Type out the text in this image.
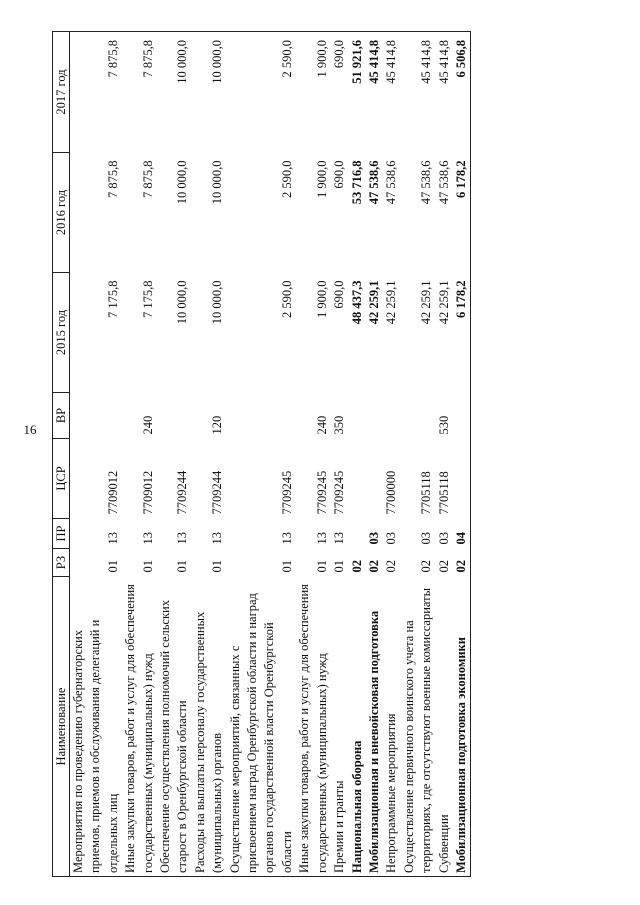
16
Наименование	РЗ	ПР	ЦСР	ВР	2015 год	2016 год	2017 год
Мероприятия по проведению губернаторских приемов, приемов и обслуживания делегаций и отдельных лиц	01	13	7709012		7 175,8	7 875,8	7 875,8
Иные закупки товаров, работ и услуг для обеспечения государственных (муниципальных) нужд	01	13	7709012	240	7 175,8	7 875,8	7 875,8
Обеспечение осуществления полномочий сельских старост в Оренбургской области	01	13	7709244		10 000,0	10 000,0	10 000,0
Расходы на выплаты персоналу государственных (муниципальных) органов	01	13	7709244	120	10 000,0	10 000,0	10 000,0
Осуществление мероприятий, связанных с присвоением наград Оренбургской области и наград органов государственной власти Оренбургской области	01	13	7709245		2 590,0	2 590,0	2 590,0
Иные закупки товаров, работ и услуг для обеспечения государственных (муниципальных) нужд	01	13	7709245	240	1 900,0	1 900,0	1 900,0
Премии и гранты	01	13	7709245	350	690,0	690,0	690,0
Национальная оборона	02				48 437,3	53 716,8	51 921,6
Мобилизационная и вневойсковая подготовка	02	03			42 259,1	47 538,6	45 414,8
Непрограммные мероприятия	02	03	7700000		42 259,1	47 538,6	45 414,8
Осуществление первичного воинского учета на территориях, где отсутствуют военные комиссариаты	02	03	7705118		42 259,1	47 538,6	45 414,8
Субвенции	02	03	7705118	530	42 259,1	47 538,6	45 414,8
Мобилизационная подготовка экономики	02	04			6 178,2	6 178,2	6 506,8
